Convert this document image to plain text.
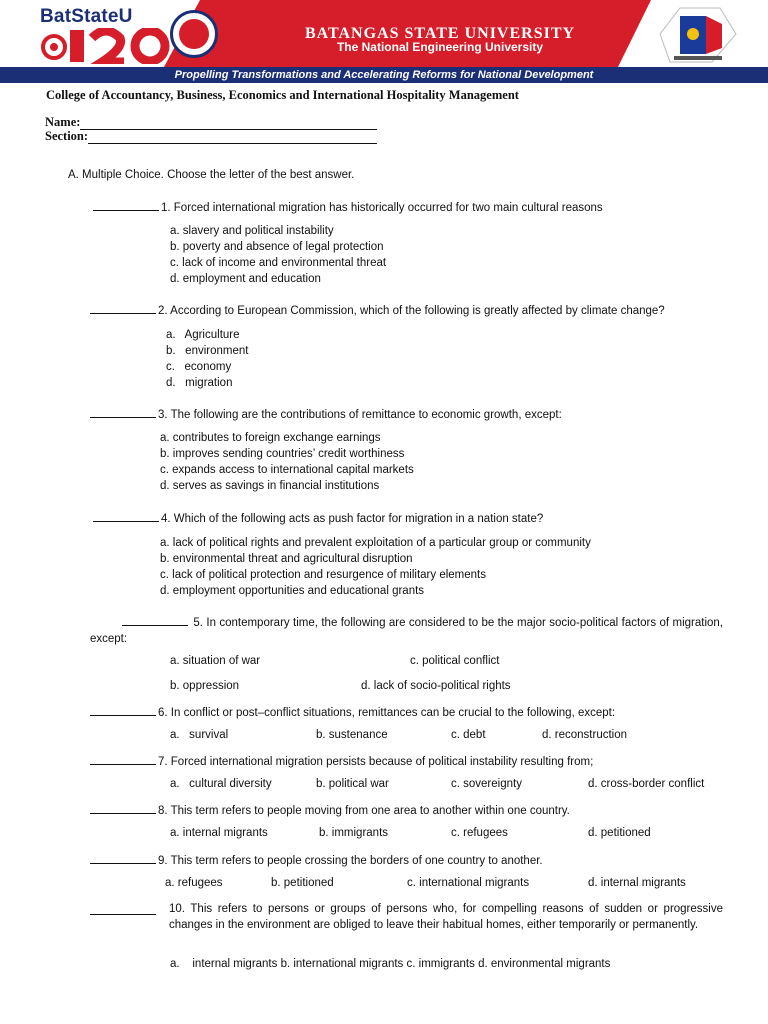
BatStateU
BATANGAS STATE UNIVERSITY
The National Engineering University
Propelling Transformations and Accelerating Reforms for National Development
College of Accountancy, Business, Economics and International Hospitality Management
Name:
Section:
A. Multiple Choice. Choose the letter of the best answer.
1. Forced international migration has historically occurred for two main cultural reasons
a. slavery and political instability
b. poverty and absence of legal protection
c. lack of income and environmental threat
d. employment and education
2. According to European Commission, which of the following is greatly affected by climate change?
a.   Agriculture
b.   environment
c.   economy
d.   migration
3. The following are the contributions of remittance to economic growth, except:
a. contributes to foreign exchange earnings
b. improves sending countries’ credit worthiness
c. expands access to international capital markets
d. serves as savings in financial institutions
4. Which of the following acts as push factor for migration in a nation state?
a. lack of political rights and prevalent exploitation of a particular group or community
b. environmental threat and agricultural disruption
c. lack of political protection and resurgence of military elements
d. employment opportunities and educational grants
5. In contemporary time, the following are considered to be the major socio-political factors of migration, except:
a. situation of war	c. political conflict
b. oppression	d. lack of socio-political rights
6. In conflict or post–conflict situations, remittances can be crucial to the following, except:
a.   survival	b. sustenance	c. debt	d. reconstruction
7. Forced international migration persists because of political instability resulting from;
a.   cultural diversity	b. political war	c. sovereignty	d. cross-border conflict
8. This term refers to people moving from one area to another within one country.
a. internal migrants	b. immigrants	c. refugees	d. petitioned
9. This term refers to people crossing the borders of one country to another.
a. refugees	b. petitioned	c. international migrants	d. internal migrants
10. This refers to persons or groups of persons who, for compelling reasons of sudden or progressive changes in the environment are obliged to leave their habitual homes, either temporarily or permanently.
a.    internal migrants b. international migrants c. immigrants d. environmental migrants
